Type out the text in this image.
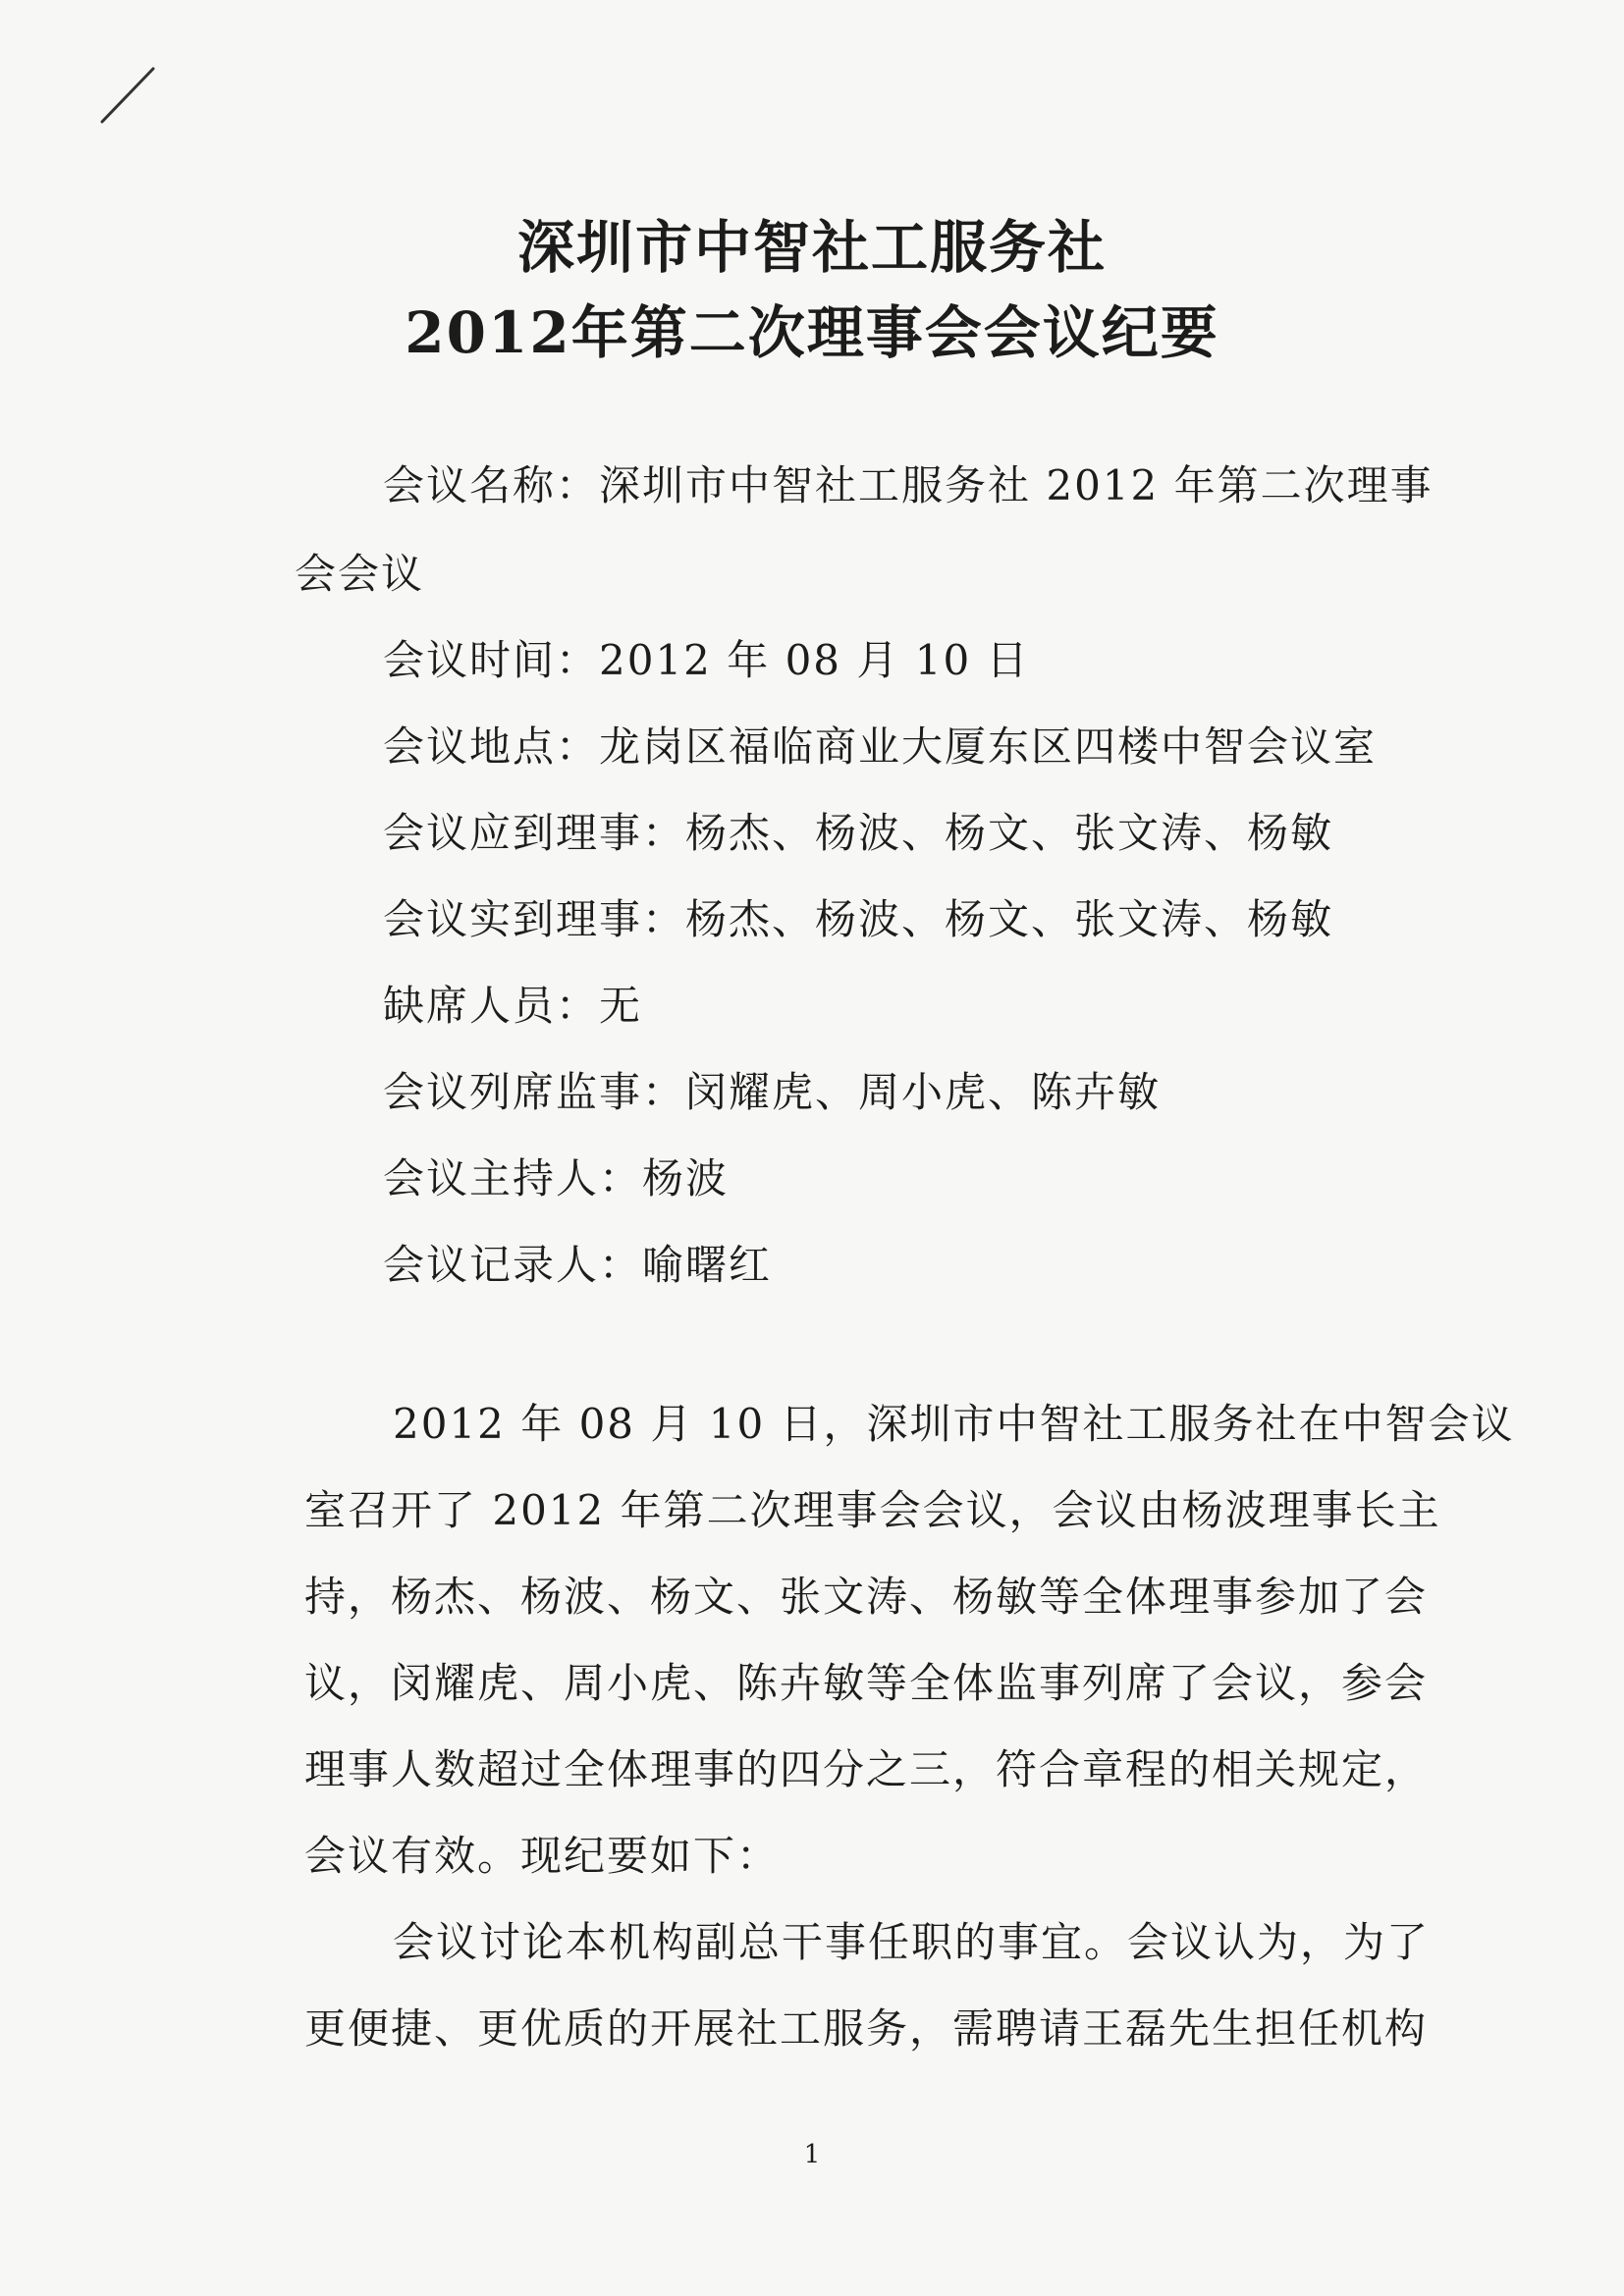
深圳市中智社工服务社
2012年第二次理事会会议纪要
会议名称：深圳市中智社工服务社 2012 年第二次理事
会会议
会议时间：2012 年 08 月 10 日
会议地点：龙岗区福临商业大厦东区四楼中智会议室
会议应到理事：杨杰、杨波、杨文、张文涛、杨敏
会议实到理事：杨杰、杨波、杨文、张文涛、杨敏
缺席人员：无
会议列席监事：闵耀虎、周小虎、陈卉敏
会议主持人：杨波
会议记录人：喻曙红
2012 年 08 月 10 日，深圳市中智社工服务社在中智会议
室召开了 2012 年第二次理事会会议，会议由杨波理事长主
持，杨杰、杨波、杨文、张文涛、杨敏等全体理事参加了会
议，闵耀虎、周小虎、陈卉敏等全体监事列席了会议，参会
理事人数超过全体理事的四分之三，符合章程的相关规定，
会议有效。现纪要如下：
会议讨论本机构副总干事任职的事宜。会议认为，为了
更便捷、更优质的开展社工服务，需聘请王磊先生担任机构
1
